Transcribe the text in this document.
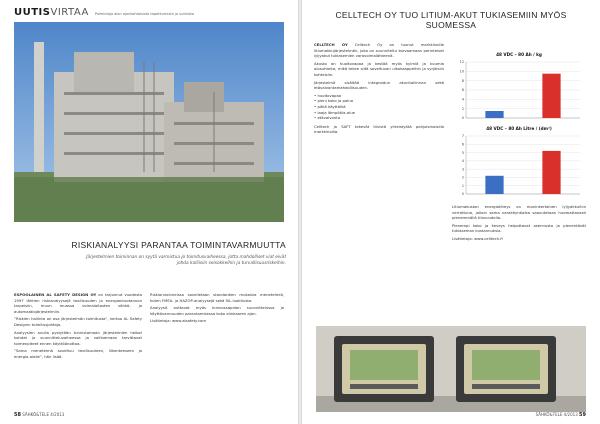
UUTISVIRTAA Poimintoja alan ajankohtaisista tapahtumista ja uutisista
RISKIANALYYSI PARANTAA TOIMINTAVARMUUTTA
Järjestelmien toiminnan on syytä varmistua jo toimitusvaiheessa, jotta mahdolliset viat eivät johda kalliisiin seisokkeihin ja turvallisuusriskeihin.

ESPOOLAINEN AL SAFETY DESIGN OY on tarjonnut vuodesta 1997 lähtien riskianalyysejä teollisuuden ja energiantuotannon tarpeisiin, muun muassa voimalaitosten sähkö- ja automaatiojärjestelmiin.

”Riskien hallinta on osa järjestelmän toimitusta”, kertoo AL Safety Designin toimitusjohtaja.

Analyysien avulla pystytään tunnistamaan järjestelmien heikot kohdat jo suunnitteluvaiheessa ja valitsemaan tarvittavat toimenpiteet ennen käyttöönottoa.

”Sama menetelmä soveltuu teollisuuteen, liikenteeseen ja energia-alalle”, hän lisää.

Riskiarvioinneissa sovelletaan standardien mukaisia menetelmiä, kuten FMEA- ja HAZOP-analyysejä sekä SIL-luokitusta.

Analyysit auttavat myös kunnossapidon suunnittelussa ja käyttövarmuuden parantamisessa koko elinkaaren ajan.

Lisätietoja: www.alsafety.com

58 SÄHKÖ&TELE 4/2013
CELLTECH OY TUO LITIUM-AKUT TUKIASEMIIN MYÖS SUOMESSA

CELLTECH OY Celltech Oy on tuonut markkinoille litiumakkujärjestelmän, joka on suunniteltu korvaamaan perinteiset lyijyakut tukiasemien varavoimalähteenä.

Akusto on huoltovapaa ja kestää myös kylmiä ja kuumia olosuhteita, mikä tekee siitä soveltuvan ulkokaappeihin ja syrjäisiin kohteisiin.

Järjestelmä sisältää integroidun akunhallinnan sekä etävalvontamahdollisuuden.

• huoltovapaa
• pieni koko ja paino
• pitkä käyttöikä
• laaja lämpötila-alue
• etävalvonta

Celltech ja SAFT tekevät tiivistä yhteistyötä pohjoismaisilla markkinoilla.

48 VDC – 80 Ah / kg
0
2
4
6
8
10
12
48 VDC – 80 Ah Litre / (dm³)
0
1
2
3
4
5
6
7

Litiumakuston energiatiheys on moninkertainen lyijyakkuihin verrattuna, jolloin sama varakäyntiaika saavutetaan huomattavasti pienemmällä tilavuudella.

Pienempi koko ja keveys helpottavat asennusta ja pienentävät tukiaseman kustannuksia.

Lisätietoja: www.celltech.fi

SÄHKÖ&TELE 4/2013 59
